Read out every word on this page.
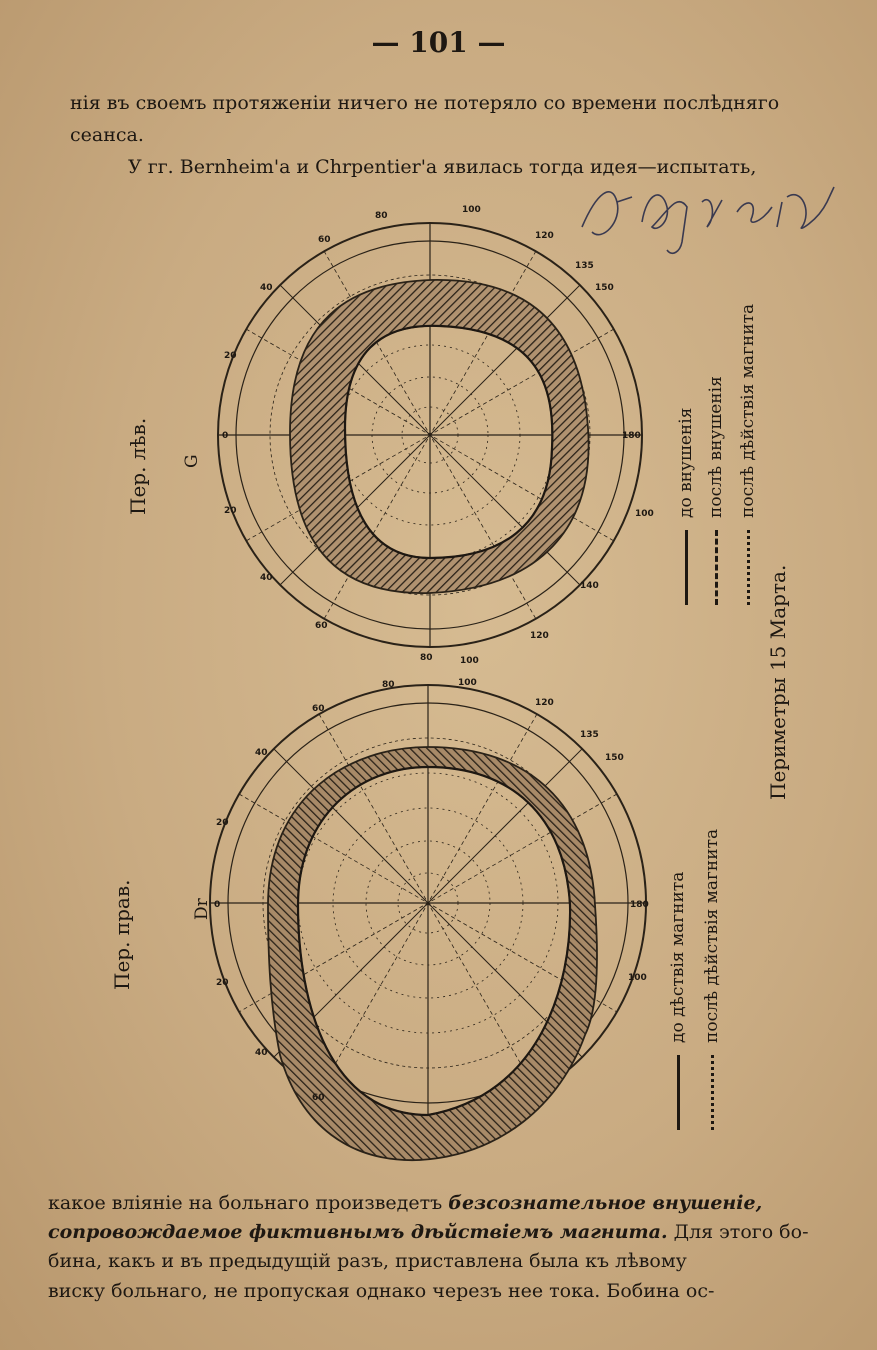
— 101 —
нія въ своемъ протяженіи ничего не потеряло со времени послѣдняго
сеанса.
У гг. Bernheim'а и Chrpentier'а явилась тогда идея—испытать,
80
100
120
135
150
60
40
20
0
20
40
60
180
100
80	100
120
140
80	100
120
135
150
60
40
20
0
20
40
60
180
100
Пер. лѣв. G
Пер. прав.	Dr
до внушенія послѣ внушенія послѣ дѣйствія магнита
Периметры 15 Марта.
до дѣствія магнита послѣ дѣйствія магнита
какое вліяніе на больнаго произведетъ безсознательное внушеніе,
сопровождаемое фиктивнымъ дѣйствіемъ магнита. Для этого бо-
бина, какъ и въ предыдущій разъ, приставлена была къ лѣвому
виску больнаго, не пропуская однако черезъ нее тока. Бобина ос-
